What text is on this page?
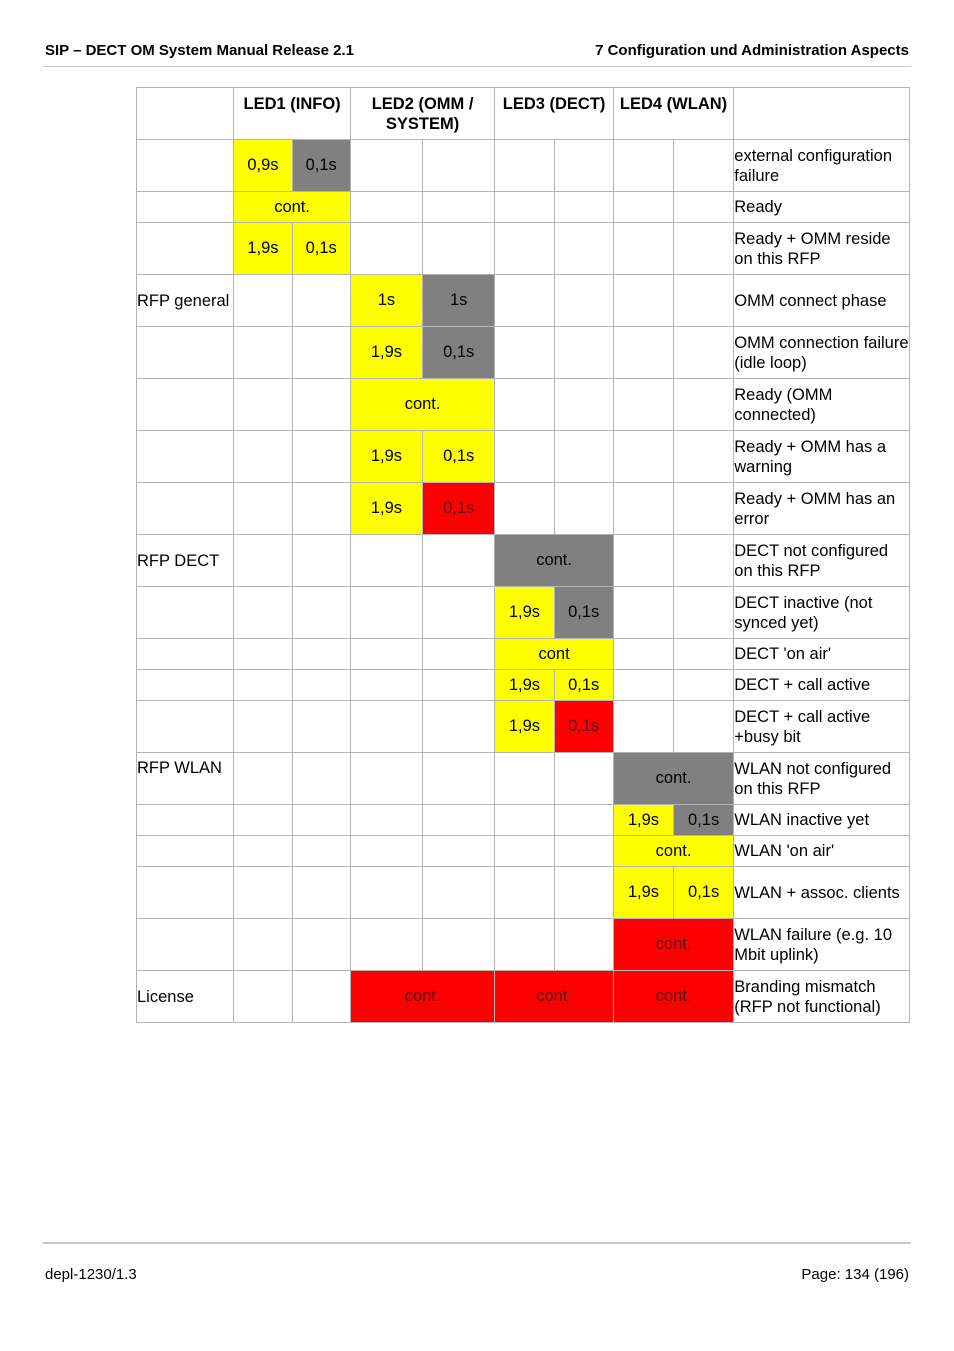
SIP – DECT OM System Manual Release 2.1	7 Configuration und Administration Aspects
	LED1 (INFO)		LED2 (OMM / SYSTEM)		LED3 (DECT)		LED4 (WLAN)		
	0,9s	0,1s							external configuration failure
	cont.								Ready
	1,9s	0,1s							Ready + OMM reside on this RFP
RFP general			1s	1s					OMM connect phase
			1,9s	0,1s					OMM connection failure (idle loop)
			cont.						Ready (OMM connected)
			1,9s	0,1s					Ready + OMM has a warning
			1,9s	0,1s					Ready + OMM has an error
RFP DECT					cont.				DECT not configured on this RFP
					1,9s	0,1s			DECT inactive (not synced yet)
					cont				DECT 'on air'
					1,9s	0,1s			DECT + call active
					1,9s	0,1s			DECT + call active +busy bit
RFP WLAN							cont.		WLAN not configured on this RFP
							1,9s	0,1s	WLAN inactive yet
							cont.		WLAN 'on air'
							1,9s	0,1s	WLAN + assoc. clients
							cont.		WLAN failure (e.g. 10 Mbit uplink)
License			cont.		cont.		cont.		Branding mismatch (RFP not functional)
depl-1230/1.3	Page: 134 (196)
